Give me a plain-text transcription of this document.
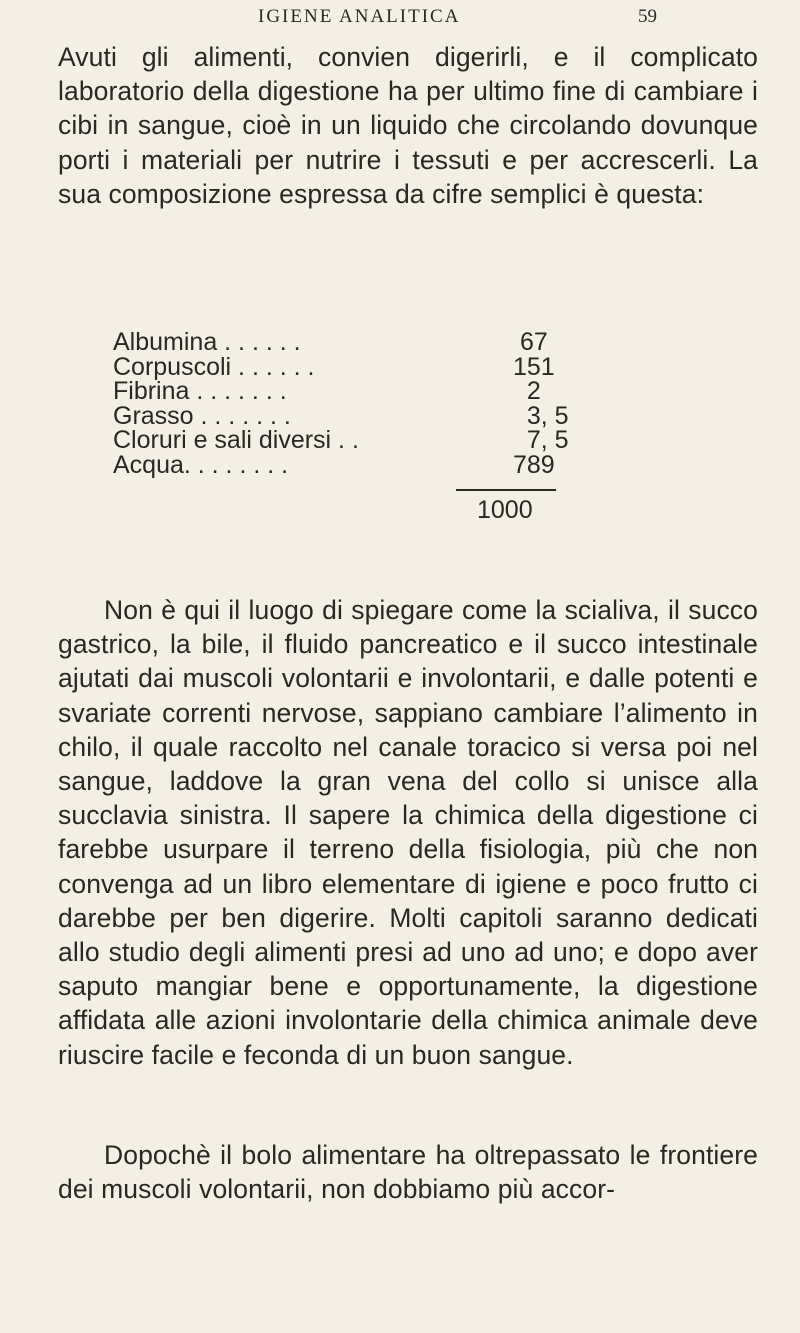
IGIENE ANALITICA	59

Avuti gli alimenti, convien digerirli, e il complicato laboratorio della digestione ha per ultimo fine di cambiare i cibi in sangue, cioè in un liquido che circolando dovunque porti i materiali per nutrire i tessuti e per accrescerli. La sua composizione espressa da cifre semplici è questa:

Albumina . . . . . .	67
Corpuscoli . . . . . .	151
Fibrina . . . . . . .	2
Grasso . . . . . . .	3, 5
Cloruri e sali diversi . .	7, 5
Acqua. . . . . . . .	789
1000

Non è qui il luogo di spiegare come la scialiva, il succo gastrico, la bile, il fluido pancreatico e il succo intestinale ajutati dai muscoli volontarii e involontarii, e dalle potenti e svariate correnti nervose, sappiano cambiare l’alimento in chilo, il quale raccolto nel canale toracico si versa poi nel sangue, laddove la gran vena del collo si unisce alla succlavia sinistra. Il sapere la chimica della digestione ci farebbe usurpare il terreno della fisiologia, più che non convenga ad un libro elementare di igiene e poco frutto ci darebbe per ben digerire. Molti capitoli saranno dedicati allo studio degli alimenti presi ad uno ad uno; e dopo aver saputo mangiar bene e opportunamente, la digestione affidata alle azioni involontarie della chimica animale deve riuscire facile e feconda di un buon sangue.

Dopochè il bolo alimentare ha oltrepassato le frontiere dei muscoli volontarii, non dobbiamo più accor-
